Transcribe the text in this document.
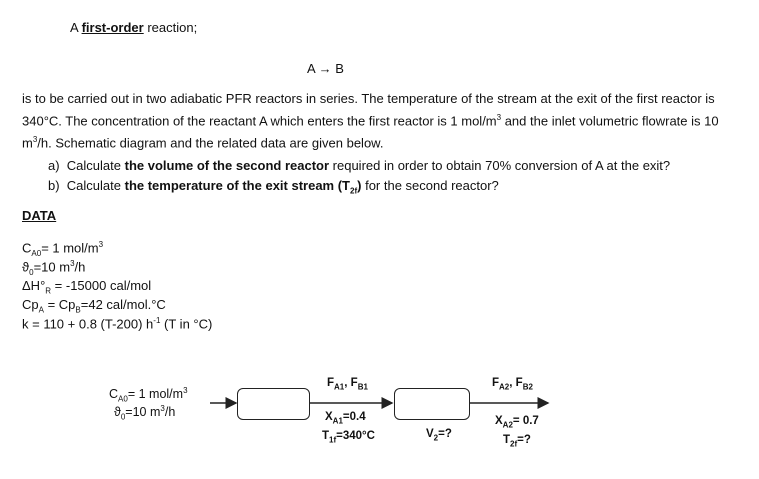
A first-order reaction;
A → B
is to be carried out in two adiabatic PFR reactors in series. The temperature of the stream at the exit of the first reactor is 340°C. The concentration of the reactant A which enters the first reactor is 1 mol/$m^3$ and the inlet volumetric flowrate is 10 $m^3/h$. Schematic diagram and the related data are given below.
a) Calculate the volume of the second reactor required in order to obtain 70% conversion of A at the exit?
b) Calculate the temperature of the exit stream $(T_{2f})$ for the second reactor?
DATA
$C_{A0}= 1$ mol/$m^3$
$ϑ_0=10$ $m^3/h$
$\Delta H^\circ_R = -15000$ cal/mol
$Cp_A = Cp_B=42$ cal/mol.°C
k = 110 + 0.8 (T-200) $h^{-1}$ (T in °C)
$C_{A0}= 1$ mol/$m^3$
$ϑ_0=10$ $m^3/h$
$F_{A1}$, $F_{B1}$
$X_{A1}=0.4$
$T_{1f}=340^\circ C$	$V_2=$?
$F_{A2}$, $F_{B2}$
$X_{A2}= 0.7$
$T_{2f}=$?
